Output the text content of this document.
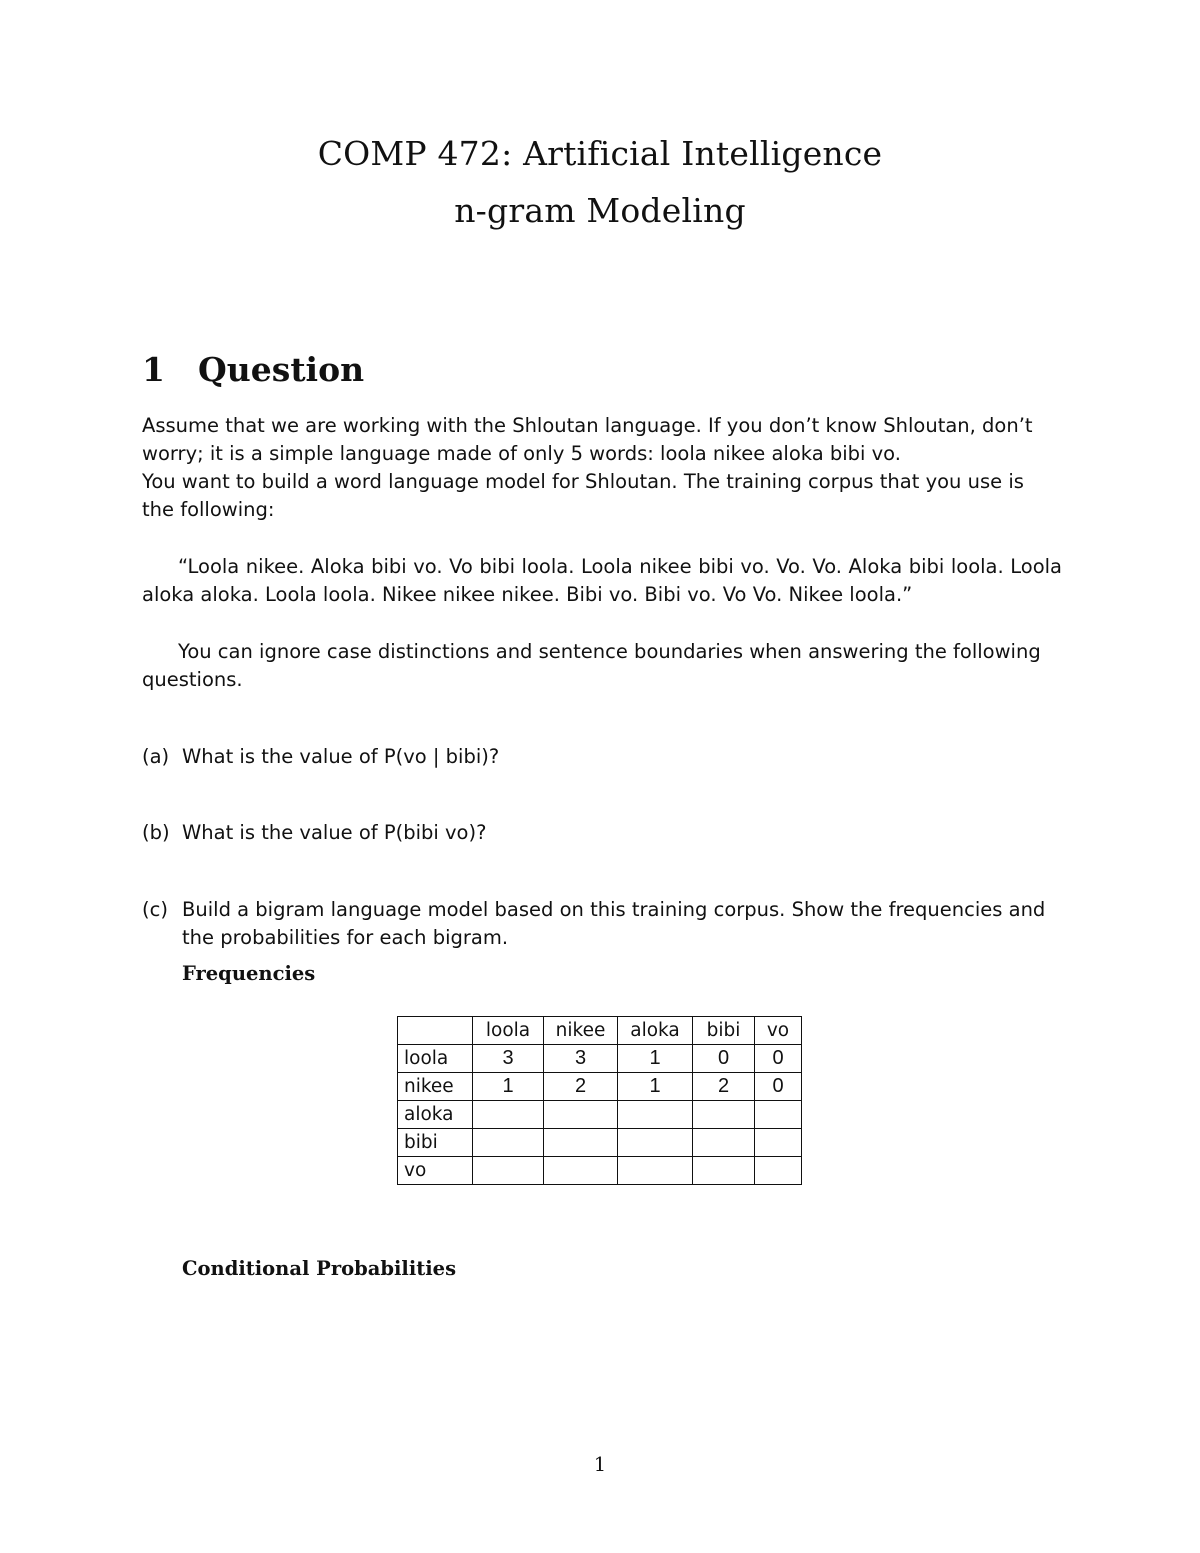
COMP 472: Artificial Intelligence
n-gram Modeling
1 Question

Assume that we are working with the Shloutan language. If you don’t know Shloutan, don’t
worry; it is a simple language made of only 5 words: loola nikee aloka bibi vo.
You want to build a word language model for Shloutan. The training corpus that you use is
the following:

“Loola nikee. Aloka bibi vo. Vo bibi loola. Loola nikee bibi vo. Vo. Vo. Aloka bibi loola. Loola aloka aloka. Loola loola. Nikee nikee nikee. Bibi vo. Bibi vo. Vo Vo. Nikee loola.”

You can ignore case distinctions and sentence boundaries when answering the following questions.

(a) What is the value of P(vo | bibi)?
(b) What is the value of P(bibi vo)?
(c) Build a bigram language model based on this training corpus. Show the frequencies and the probabilities for each bigram.
Frequencies
	loola	nikee	aloka	bibi	vo
loola	3	3	1	0	0
nikee	1	2	1	2	0
aloka					
bibi					
vo					
Conditional Probabilities
1
